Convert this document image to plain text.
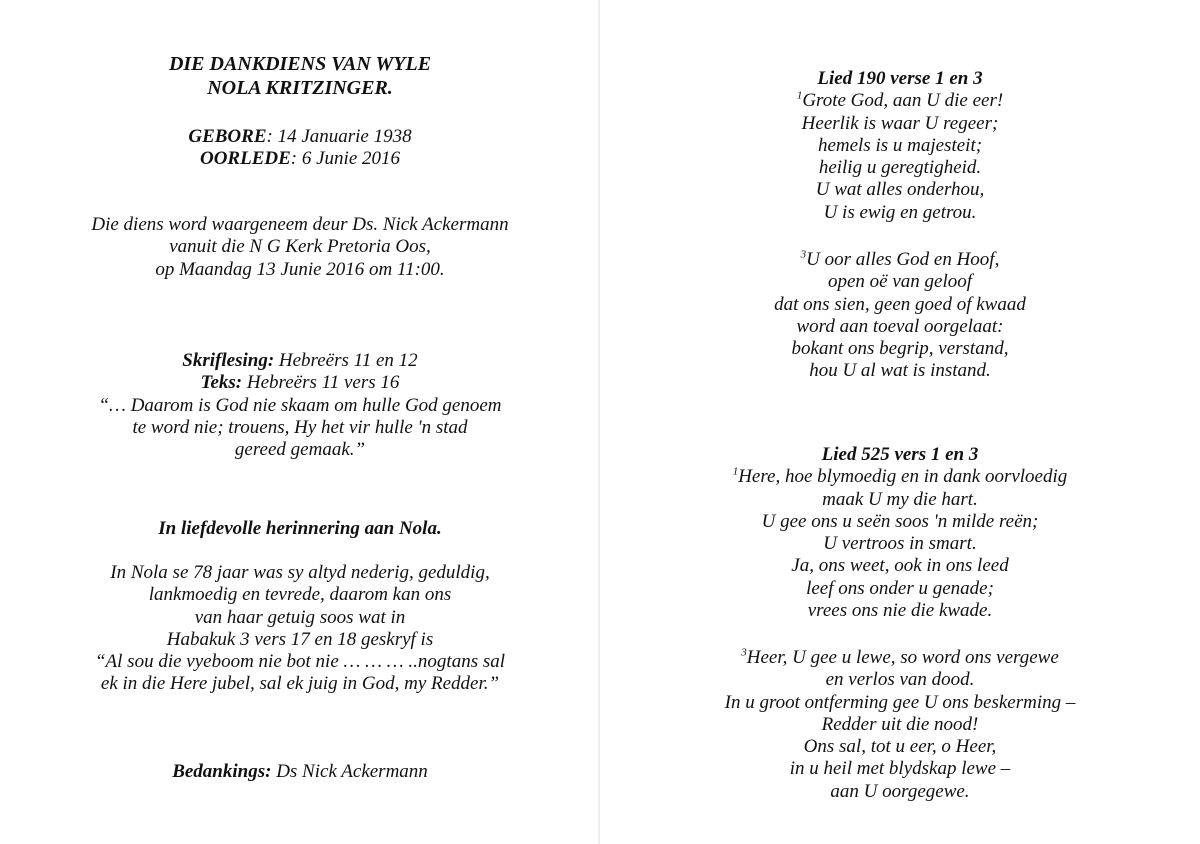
DIE DANKDIENS VAN WYLE
NOLA KRITZINGER.
GEBORE: 14 Januarie 1938
OORLEDE: 6 Junie 2016
Die diens word waargeneem deur Ds. Nick Ackermann
vanuit die N G Kerk Pretoria Oos,
op Maandag 13 Junie 2016 om 11:00.
Skriflesing: Hebreërs 11 en 12
Teks: Hebreërs 11 vers 16
“… Daarom is God nie skaam om hulle God genoem
te word nie; trouens, Hy het vir hulle 'n stad
gereed gemaak.”
In liefdevolle herinnering aan Nola.
In Nola se 78 jaar was sy altyd nederig, geduldig,
lankmoedig en tevrede, daarom kan ons
van haar getuig soos wat in
Habakuk 3 vers 17 en 18 geskryf is
“Al sou die vyeboom nie bot nie … … … ..nogtans sal
ek in die Here jubel, sal ek juig in God, my Redder.”
Bedankings: Ds Nick Ackermann
Lied 190 verse 1 en 3
$^1$Grote God, aan U die eer!
Heerlik is waar U regeer;
hemels is u majesteit;
heilig u geregtigheid.
U wat alles onderhou,
U is ewig en getrou.
$^3$U oor alles God en Hoof,
open oë van geloof
dat ons sien, geen goed of kwaad
word aan toeval oorgelaat:
bokant ons begrip, verstand,
hou U al wat is instand.
Lied 525 vers 1 en 3
$^1$Here, hoe blymoedig en in dank oorvloedig
maak U my die hart.
U gee ons u seën soos 'n milde reën;
U vertroos in smart.
Ja, ons weet, ook in ons leed
leef ons onder u genade;
vrees ons nie die kwade.
$^3$Heer, U gee u lewe, so word ons vergewe
en verlos van dood.
In u groot ontferming gee U ons beskerming –
Redder uit die nood!
Ons sal, tot u eer, o Heer,
in u heil met blydskap lewe –
aan U oorgegewe.
